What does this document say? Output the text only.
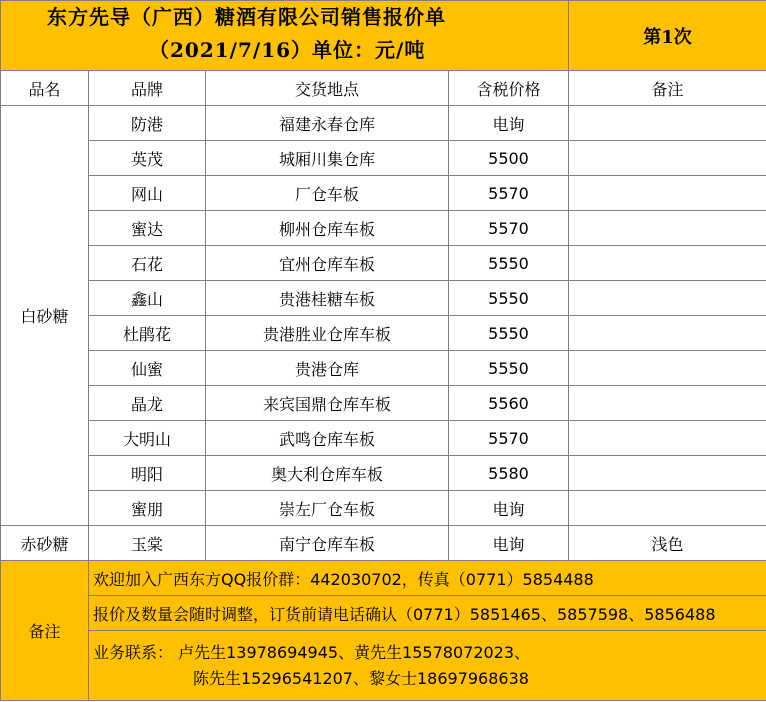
东方先导（广西）糖酒有限公司销售报价单
（2021/7/16）单位：元/吨				第1次
品名	品牌	交货地点	含税价格	备注
白砂糖	防港	福建永春仓库	电询	
	英茂	城厢川集仓库	5500	
	网山	厂仓车板	5570	
	蜜达	柳州仓库车板	5570	
	石花	宜州仓库车板	5550	
	鑫山	贵港桂糖车板	5550	
	杜鹃花	贵港胜业仓库车板	5550	
	仙蜜	贵港仓库	5550	
	晶龙	来宾国鼎仓库车板	5560	
	大明山	武鸣仓库车板	5570	
	明阳	奥大利仓库车板	5580	
	蜜朋	崇左厂仓车板	电询	
赤砂糖	玉棠	南宁仓库车板	电询	浅色
备注	欢迎加入广西东方QQ报价群：442030702，传真（0771）5854488			
	报价及数量会随时调整，订货前请电话确认（0771）5851465、5857598、5856488			

	业务联系： 卢先生13978694945、黄先生15578072023、
陈先生15296541207、黎女士18697968638			
